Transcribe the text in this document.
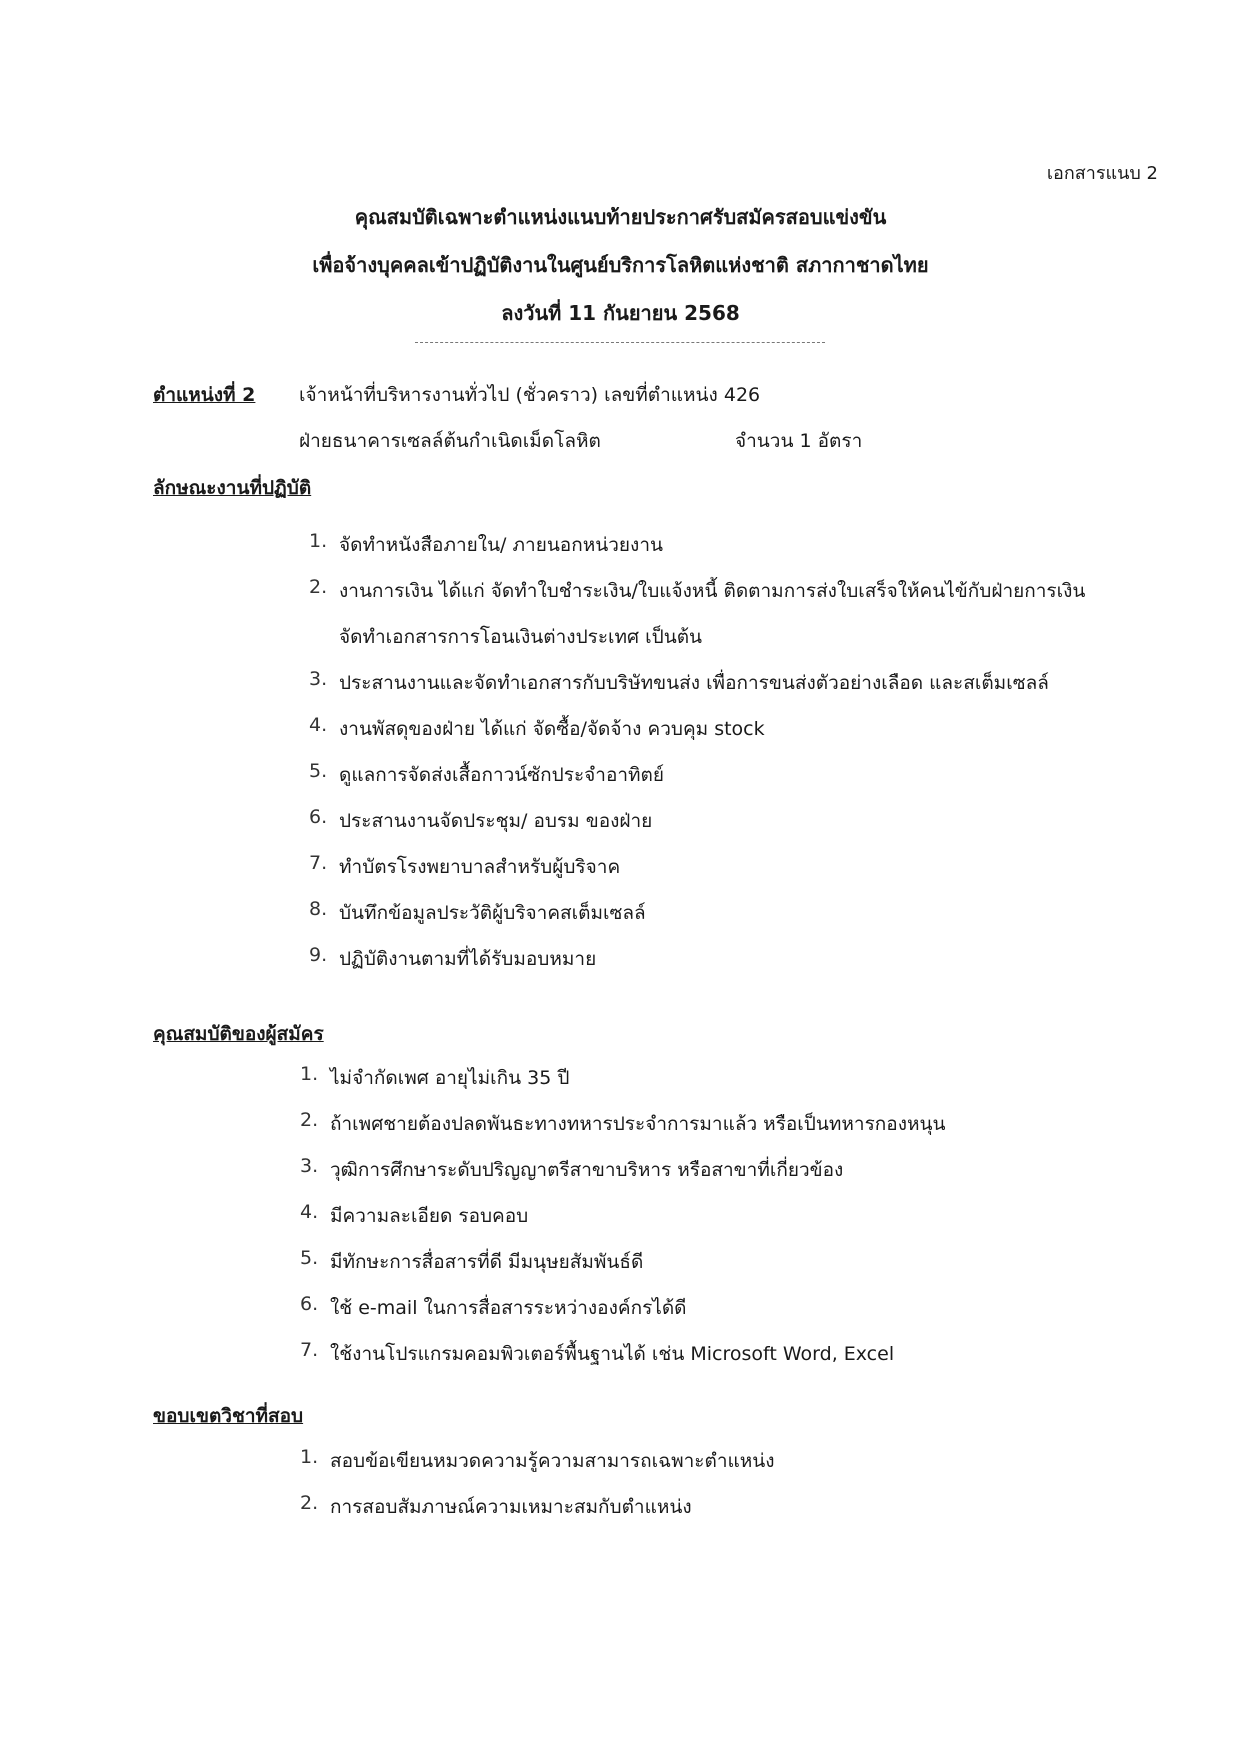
เอกสารแนบ 2
คุณสมบัติเฉพาะตำแหน่งแนบท้ายประกาศรับสมัครสอบแข่งขัน
เพื่อจ้างบุคคลเข้าปฏิบัติงานในศูนย์บริการโลหิตแห่งชาติ สภากาชาดไทย
ลงวันที่ 11 กันยายน 2568
ตำแหน่งที่ 2 เจ้าหน้าที่บริหารงานทั่วไป (ชั่วคราว) เลขที่ตำแหน่ง 426
ฝ่ายธนาคารเซลล์ต้นกำเนิดเม็ดโลหิต	จำนวน 1 อัตรา
ลักษณะงานที่ปฏิบัติ
1. จัดทำหนังสือภายใน/ ภายนอกหน่วยงาน
2. งานการเงิน ได้แก่ จัดทำใบชำระเงิน/ใบแจ้งหนี้ ติดตามการส่งใบเสร็จให้คนไข้กับฝ่ายการเงิน
จัดทำเอกสารการโอนเงินต่างประเทศ เป็นต้น
3. ประสานงานและจัดทำเอกสารกับบริษัทขนส่ง เพื่อการขนส่งตัวอย่างเลือด และสเต็มเซลล์
4. งานพัสดุของฝ่าย ได้แก่ จัดซื้อ/จัดจ้าง ควบคุม stock
5. ดูแลการจัดส่งเสื้อกาวน์ซักประจำอาทิตย์
6. ประสานงานจัดประชุม/ อบรม ของฝ่าย
7. ทำบัตรโรงพยาบาลสำหรับผู้บริจาค
8. บันทึกข้อมูลประวัติผู้บริจาคสเต็มเซลล์
9. ปฏิบัติงานตามที่ได้รับมอบหมาย
คุณสมบัติของผู้สมัคร
1. ไม่จำกัดเพศ อายุไม่เกิน 35 ปี
2. ถ้าเพศชายต้องปลดพันธะทางทหารประจำการมาแล้ว หรือเป็นทหารกองหนุน
3. วุฒิการศึกษาระดับปริญญาตรีสาขาบริหาร หรือสาขาที่เกี่ยวข้อง
4. มีความละเอียด รอบคอบ
5. มีทักษะการสื่อสารที่ดี มีมนุษยสัมพันธ์ดี
6. ใช้ e-mail ในการสื่อสารระหว่างองค์กรได้ดี
7. ใช้งานโปรแกรมคอมพิวเตอร์พื้นฐานได้ เช่น Microsoft Word, Excel
ขอบเขตวิชาที่สอบ
1. สอบข้อเขียนหมวดความรู้ความสามารถเฉพาะตำแหน่ง
2. การสอบสัมภาษณ์ความเหมาะสมกับตำแหน่ง
